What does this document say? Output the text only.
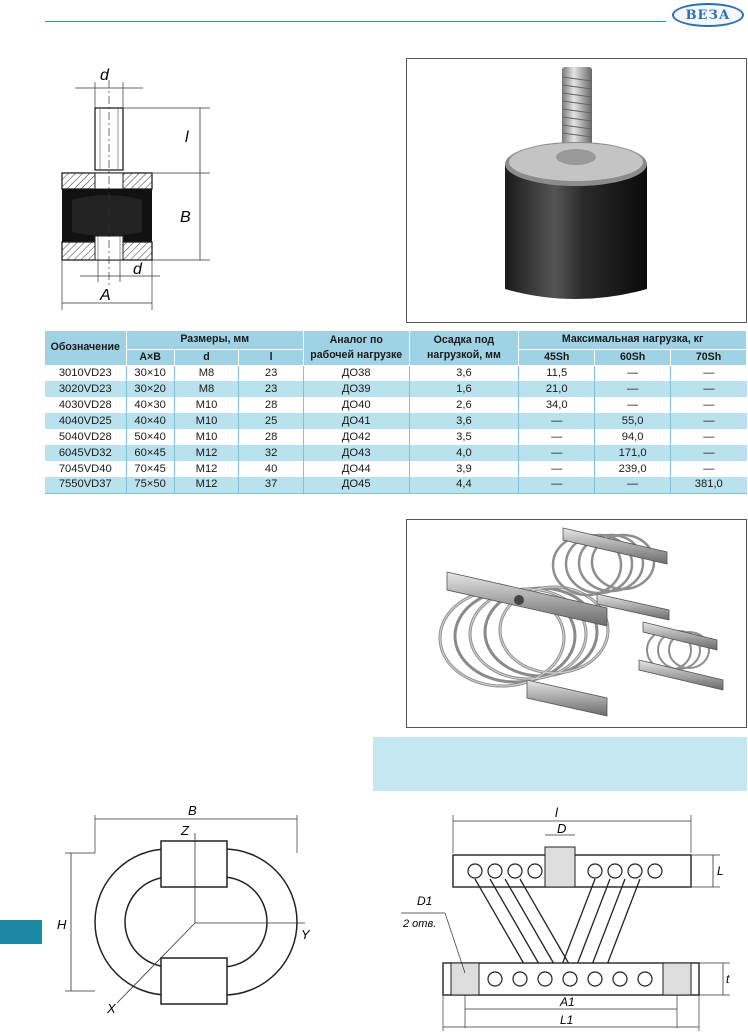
ВЕЗА
d
l
B
d
A
Обозначение	Размеры, мм			Аналог по рабочей нагрузке	Осадка под нагрузкой, мм	Максимальная нагрузка, кг		
	A×B	d	l			45Sh	60Sh	70Sh
3010VD23	30×10	M8	23	ДО38	3,6	11,5	—	—
3020VD23	30×20	M8	23	ДО39	1,6	21,0	—	—
4030VD28	40×30	M10	28	ДО40	2,6	34,0	—	—
4040VD25	40×40	M10	25	ДО41	3,6	—	55,0	—
5040VD28	50×40	M10	28	ДО42	3,5	—	94,0	—
6045VD32	60×45	M12	32	ДО43	4,0	—	171,0	—
7045VD40	70×45	M12	40	ДО44	3,9	—	239,0	—
7550VD37	75×50	M12	37	ДО45	4,4	—	—	381,0
B
Z
Y
X
H
l
D
L
t
D1
2 отв.
A1
L1
